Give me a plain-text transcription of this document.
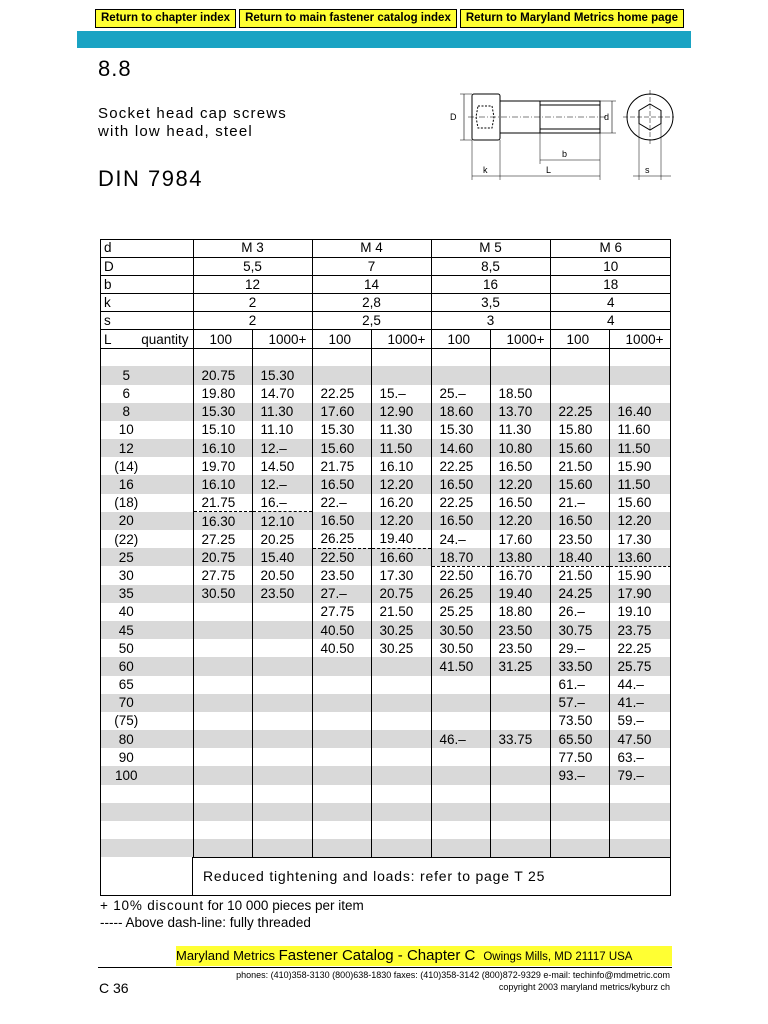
Return to chapter index	Return to main fastener catalog index	Return to Maryland Metrics home page
8.8
Socket head cap screws
with low head, steel
DIN 7984
D	d
b
k	L	s
d	M 3		M 4		M 5		M 6	
D	5,5		7		8,5		10	
b	12		14		16		18	
k	2		2,8		3,5		4	
s	2		2,5		3		4	
L quantity	100	1000+	100	1000+	100	1000+	100	1000+

5	20.75	15.30						
6	19.80	14.70	22.25	15.–	25.–	18.50		
8	15.30	11.30	17.60	12.90	18.60	13.70	22.25	16.40
10	15.10	11.10	15.30	11.30	15.30	11.30	15.80	11.60
12	16.10	12.–	15.60	11.50	14.60	10.80	15.60	11.50
(14)	19.70	14.50	21.75	16.10	22.25	16.50	21.50	15.90
16	16.10	12.–	16.50	12.20	16.50	12.20	15.60	11.50
(18)	21.75	16.–	22.–	16.20	22.25	16.50	21.–	15.60
20	16.30	12.10	16.50	12.20	16.50	12.20	16.50	12.20
(22)	27.25	20.25	26.25	19.40	24.–	17.60	23.50	17.30
25	20.75	15.40	22.50	16.60	18.70	13.80	18.40	13.60
30	27.75	20.50	23.50	17.30	22.50	16.70	21.50	15.90
35	30.50	23.50	27.–	20.75	26.25	19.40	24.25	17.90
40			27.75	21.50	25.25	18.80	26.–	19.10
45			40.50	30.25	30.50	23.50	30.75	23.75
50			40.50	30.25	30.50	23.50	29.–	22.25
60					41.50	31.25	33.50	25.75
65							61.–	44.–
70							57.–	41.–
(75)							73.50	59.–
80					46.–	33.75	65.50	47.50
90							77.50	63.–
100							93.–	79.–

Reduced tightening and loads: refer to page T 25
+ 10% discount for 10 000 pieces per item
----- Above dash-line: fully threaded
Maryland Metrics Fastener Catalog - Chapter C Owings Mills, MD 21117 USA
C 36
phones: (410)358-3130 (800)638-1830 faxes: (410)358-3142 (800)872-9329 e-mail: techinfo@mdmetric.com
copyright 2003 maryland metrics/kyburz ch
